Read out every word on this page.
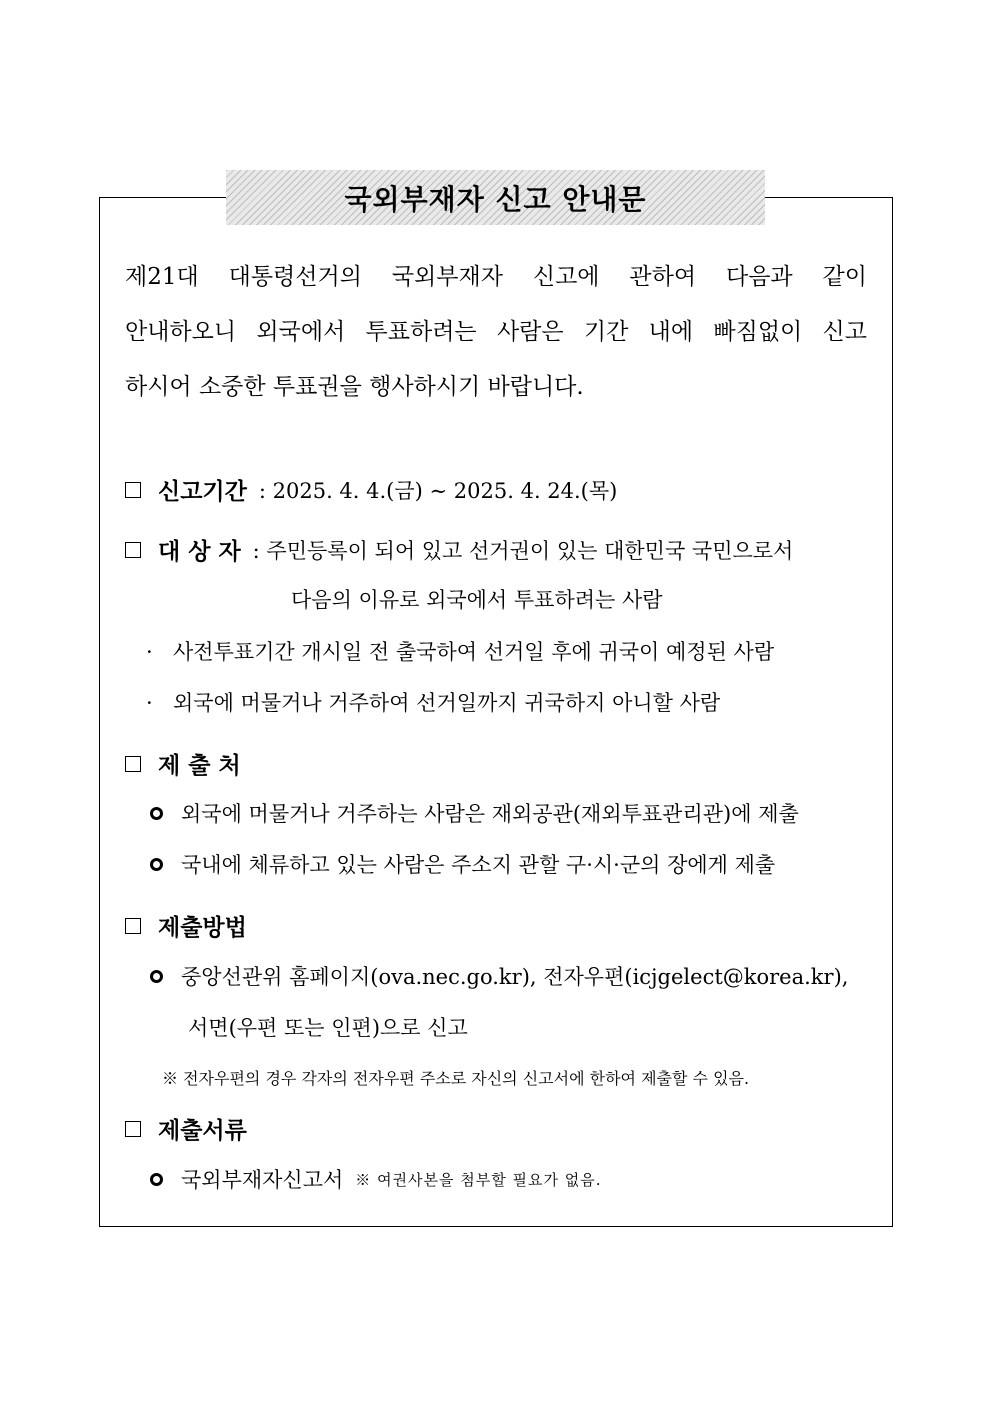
국외부재자 신고 안내문
제21대 대통령선거의 국외부재자 신고에 관하여 다음과 같이
안내하오니 외국에서 투표하려는 사람은 기간 내에 빠짐없이 신고
하시어 소중한 투표권을 행사하시기 바랍니다.
신고기간 : 2025. 4. 4.(금) ∼ 2025. 4. 24.(목)
대 상 자 : 주민등록이 되어 있고 선거권이 있는 대한민국 국민으로서
다음의 이유로 외국에서 투표하려는 사람
· 사전투표기간 개시일 전 출국하여 선거일 후에 귀국이 예정된 사람
· 외국에 머물거나 거주하여 선거일까지 귀국하지 아니할 사람
제 출 처
외국에 머물거나 거주하는 사람은 재외공관(재외투표관리관)에 제출
국내에 체류하고 있는 사람은 주소지 관할 구·시·군의 장에게 제출
제출방법
중앙선관위 홈페이지(ova.nec.go.kr), 전자우편(icjgelect@korea.kr),
서면(우편 또는 인편)으로 신고
※ 전자우편의 경우 각자의 전자우편 주소로 자신의 신고서에 한하여 제출할 수 있음.
제출서류
국외부재자신고서 ※ 여권사본을 첨부할 필요가 없음.
